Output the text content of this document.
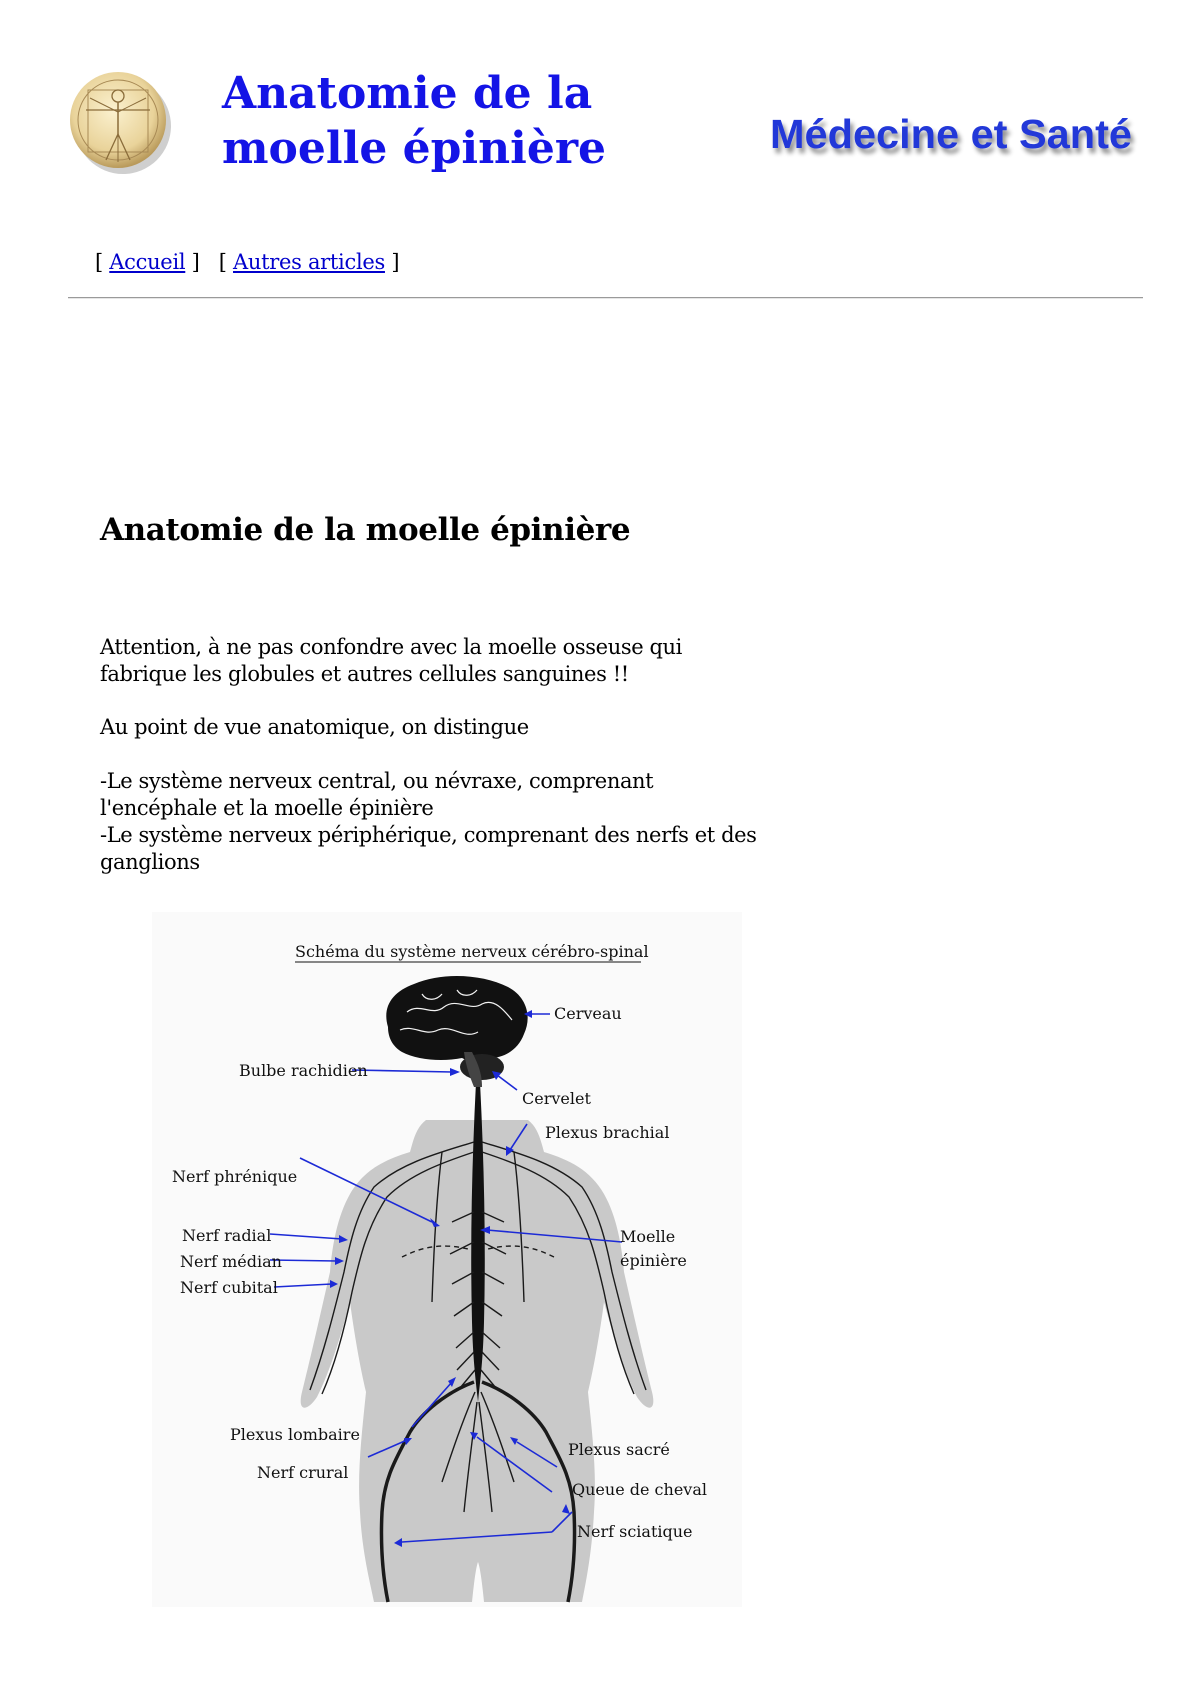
Anatomie de la
moelle épinière	Médecine et Santé
[ Accueil ] [ Autres articles ]
Anatomie de la moelle épinière

Attention, à ne pas confondre avec la moelle osseuse qui
fabrique les globules et autres cellules sanguines !!

Au point de vue anatomique, on distingue

-Le système nerveux central, ou névraxe, comprenant
l'encéphale et la moelle épinière
-Le système nerveux périphérique, comprenant des nerfs et des
ganglions

Schéma du système nerveux cérébro-spinal
Cerveau
Bulbe rachidien
Cervelet
Plexus brachial
Nerf phrénique
Nerf radial
Nerf médian
Nerf cubital
Moelle
épinière
Plexus lombaire
Nerf crural
Plexus sacré
Queue de cheval
Nerf sciatique
